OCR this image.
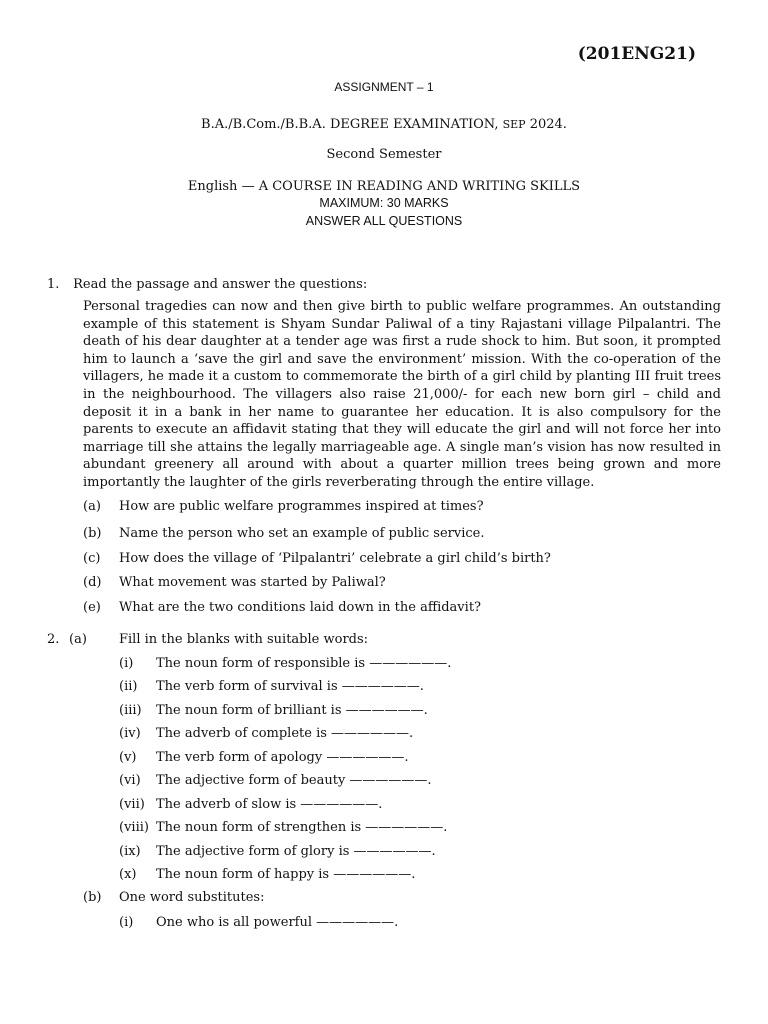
(201ENG21)
ASSIGNMENT – 1
B.A./B.Com./B.B.A. DEGREE EXAMINATION, SEP 2024.
Second Semester
English — A COURSE IN READING AND WRITING SKILLS
MAXIMUM: 30 MARKS
ANSWER ALL QUESTIONS
1. Read the passage and answer the questions:
Personal tragedies can now and then give birth to public welfare programmes. An outstanding example of this statement is Shyam Sundar Paliwal of a tiny Rajastani village Pilpalantri. The death of his dear daughter at a tender age was first a rude shock to him. But soon, it prompted him to launch a ‘save the girl and save the environment’ mission. With the co-operation of the villagers, he made it a custom to commemorate the birth of a girl child by planting III fruit trees in the neighbourhood. The villagers also raise 21,000/- for each new born girl – child and deposit it in a bank in her name to guarantee her education. It is also compulsory for the parents to execute an affidavit stating that they will educate the girl and will not force her into marriage till she attains the legally marriageable age. A single man’s vision has now resulted in abundant greenery all around with about a quarter million trees being grown and more importantly the laughter of the girls reverberating through the entire village.
(a) How are public welfare programmes inspired at times?
(b) Name the person who set an example of public service.
(c) How does the village of ‘Pilpalantri’ celebrate a girl child’s birth?
(d) What movement was started by Paliwal?
(e) What are the two conditions laid down in the affidavit?
2. (a) Fill in the blanks with suitable words:
(i) The noun form of responsible is ——————.
(ii) The verb form of survival is ——————.
(iii) The noun form of brilliant is ——————.
(iv) The adverb of complete is ——————.
(v) The verb form of apology ——————.
(vi) The adjective form of beauty ——————.
(vii) The adverb of slow is ——————.
(viii) The noun form of strengthen is ——————.
(ix) The adjective form of glory is ——————.
(x) The noun form of happy is ——————.
(b) One word substitutes:
(i) One who is all powerful ——————.
